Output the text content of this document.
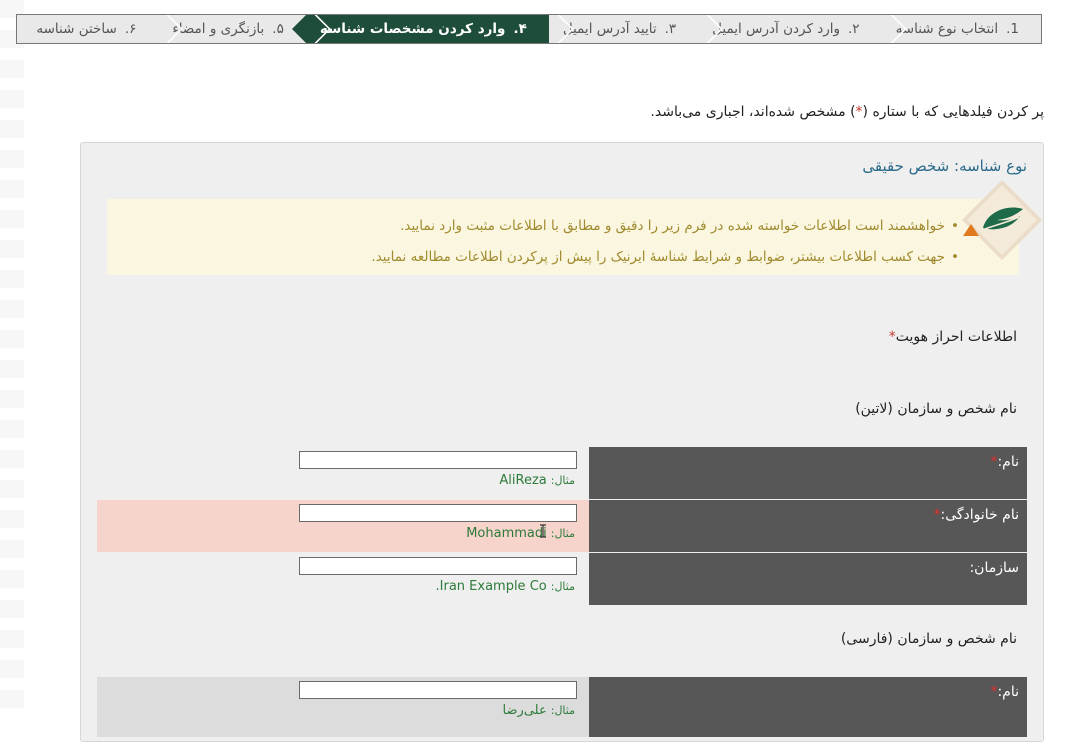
1.
انتخاب نوع شناسه
۲.
وارد کردن آدرس ایمیل
۳.
تایید آدرس ایمیل
۴.
وارد کردن مشخصات شناسه
۵.
بازنگری و امضاء
۶.
ساختن شناسه
پر کردن فیلدهایی که با ستاره (*) مشخص شده‌اند، اجباری می‌باشد.
نوع شناسه: شخص حقیقی
• خواهشمند است اطلاعات خواسته شده در فرم زیر را دقیق و مطابق با اطلاعات مثبت وارد نمایید.
• جهت کسب اطلاعات بیشتر، ضوابط و شرایط شناسهٔ ایرنیک را پیش از پرکردن اطلاعات مطالعه نمایید.
اطلاعات احراز هویت*
نام شخص و سازمان (لاتین)
نام:*
مثال:AliReza
نام خانوادگی:*
مثال:Mohammadi
سازمان:
مثال:Iran Example Co.
نام شخص و سازمان (فارسی)
نام:*
مثال:علی‌رضا
